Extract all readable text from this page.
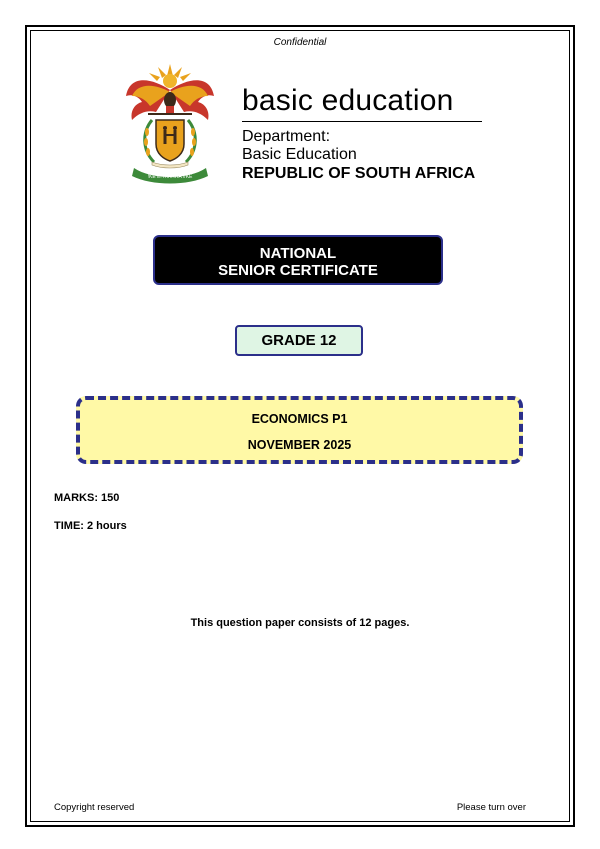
Confidential
!KE E: /XARRA //KE
basic education
Department:
Basic Education
REPUBLIC OF SOUTH AFRICA
NATIONAL
SENIOR CERTIFICATE
GRADE 12
ECONOMICS P1
NOVEMBER 2025
MARKS: 150
TIME: 2 hours
This question paper consists of 12 pages.
Copyright reserved	Please turn over
